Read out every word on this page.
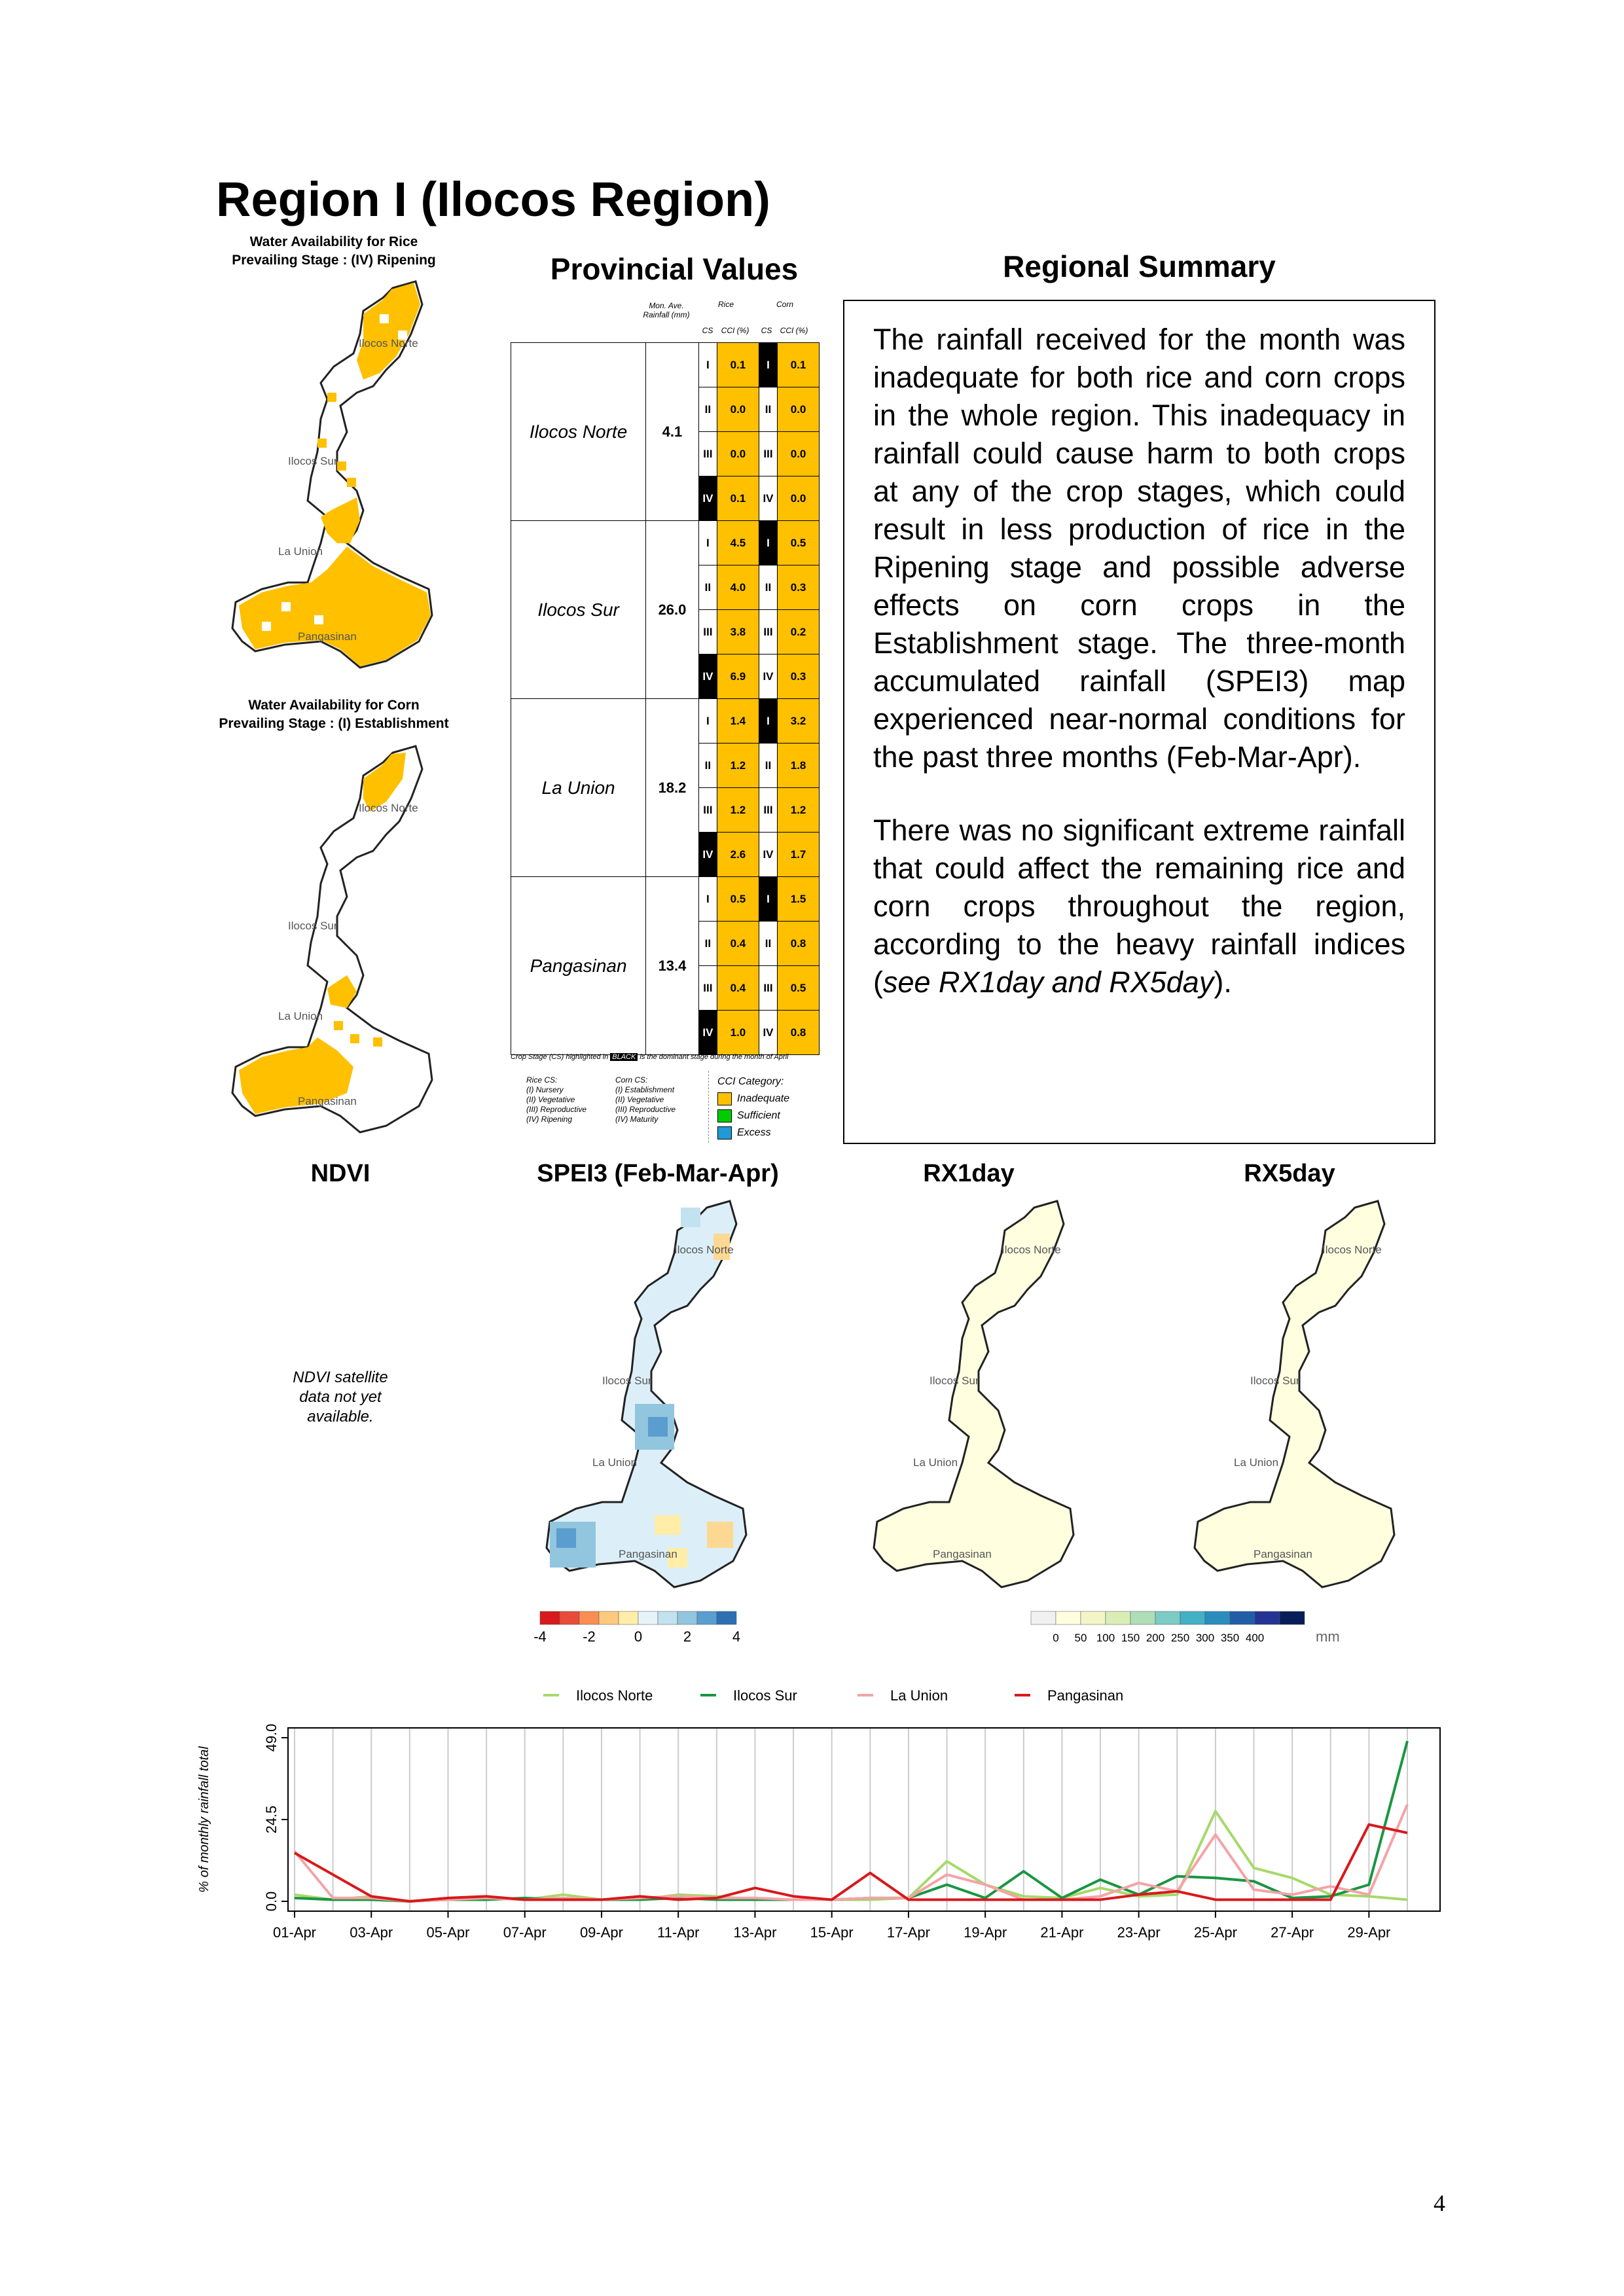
Region I (Ilocos Region)
Water Availability for Rice
Prevailing Stage : (IV) Ripening
Ilocos Norte
Ilocos Sur
La Union
Pangasinan
Water Availability for Corn
Prevailing Stage : (I) Establishment
Ilocos Norte
Ilocos Sur
La Union
Pangasinan
Provincial Values
Mon. Ave. Rainfall (mm)
Rice	Corn
CS	CCI (%)	CS	CCI (%)
Ilocos Norte	4.1	I	0.1	I	0.1
		II	0.0	II	0.0
		III	0.0	III	0.0
		IV	0.1	IV	0.0
Ilocos Sur	26.0	I	4.5	I	0.5
		II	4.0	II	0.3
		III	3.8	III	0.2
		IV	6.9	IV	0.3
La Union	18.2	I	1.4	I	3.2
		II	1.2	II	1.8
		III	1.2	III	1.2
		IV	2.6	IV	1.7
Pangasinan	13.4	I	0.5	I	1.5
		II	0.4	II	0.8
		III	0.4	III	0.5
		IV	1.0	IV	0.8
Crop Stage (CS) highlighted in BLACK is the dominant stage during the month of April
Rice CS:
(I) Nursery
(II) Vegetative
(III) Reproductive
(IV) Ripening
Corn CS:
(I) Establishment
(II) Vegetative
(III) Reproductive
(IV) Maturity
CCI Category:
Inadequate
Sufficient
Excess
Regional Summary

The rainfall received for the month was inadequate for both rice and corn crops in the whole region. This inadequacy in rainfall could cause harm to both crops at any of the crop stages, which could result in less production of rice in the Ripening stage and possible adverse effects on corn crops in the Establishment stage. The three-month accumulated rainfall (SPEI3) map experienced near-normal conditions for the past three months (Feb-Mar-Apr).

There was no significant extreme rainfall that could affect the remaining rice and corn crops throughout the region, according to the heavy rainfall indices (see RX1day and RX5day).

NDVI
NDVI satellite
data not yet
available.
SPEI3 (Feb-Mar-Apr)
Ilocos Norte
Ilocos Sur
La Union
Pangasinan
-4	-2	0	2	4
RX1day
Ilocos Norte
Ilocos Sur
La Union
Pangasinan
RX5day
Ilocos Norte
Ilocos Sur
La Union
Pangasinan
0 50 100 150 200 250 300 350 400	mm
0.0
24.5
49.0
% of monthly rainfall total
01-Apr 03-Apr 05-Apr 07-Apr 09-Apr 11-Apr 13-Apr 15-Apr 17-Apr 19-Apr 21-Apr 23-Apr 25-Apr 27-Apr 29-Apr
Ilocos Norte	Ilocos Sur	La Union	Pangasinan
4
